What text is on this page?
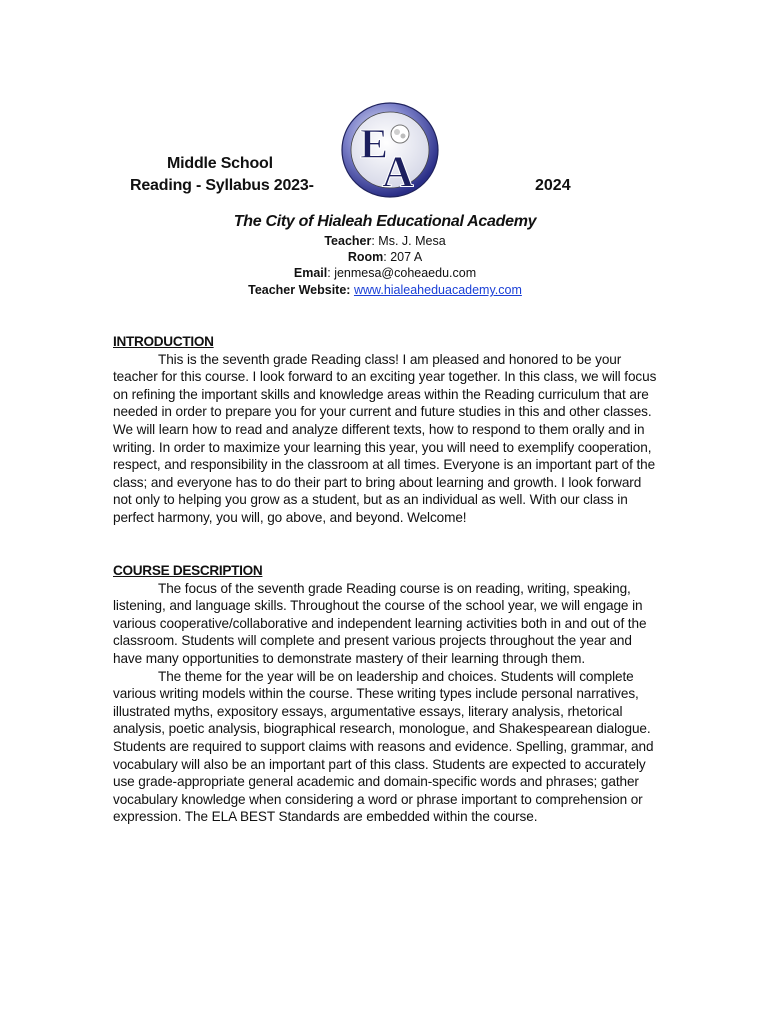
Middle School
Reading - Syllabus 2023-	2024
E
A
The City of Hialeah Educational Academy
Teacher: Ms. J. Mesa
Room: 207 A
Email: jenmesa@coheaedu.com
Teacher Website: www.hialeaheduacademy.com
INTRODUCTION

This is the seventh grade Reading class! I am pleased and honored to be your teacher for this course. I look forward to an exciting year together. In this class, we will focus on refining the important skills and knowledge areas within the Reading curriculum that are needed in order to prepare you for your current and future studies in this and other classes. We will learn how to read and analyze different texts, how to respond to them orally and in writing. In order to maximize your learning this year, you will need to exemplify cooperation, respect, and responsibility in the classroom at all times. Everyone is an important part of the class; and everyone has to do their part to bring about learning and growth. I look forward not only to helping you grow as a student, but as an individual as well. With our class in perfect harmony, you will, go above, and beyond. Welcome!

COURSE DESCRIPTION

The focus of the seventh grade Reading course is on reading, writing, speaking, listening, and language skills. Throughout the course of the school year, we will engage in various cooperative/collaborative and independent learning activities both in and out of the classroom. Students will complete and present various projects throughout the year and have many opportunities to demonstrate mastery of their learning through them.

The theme for the year will be on leadership and choices. Students will complete various writing models within the course. These writing types include personal narratives, illustrated myths, expository essays, argumentative essays, literary analysis, rhetorical analysis, poetic analysis, biographical research, monologue, and Shakespearean dialogue. Students are required to support claims with reasons and evidence. Spelling, grammar, and vocabulary will also be an important part of this class. Students are expected to accurately use grade-appropriate general academic and domain-specific words and phrases; gather vocabulary knowledge when considering a word or phrase important to comprehension or expression. The ELA BEST Standards are embedded within the course.
